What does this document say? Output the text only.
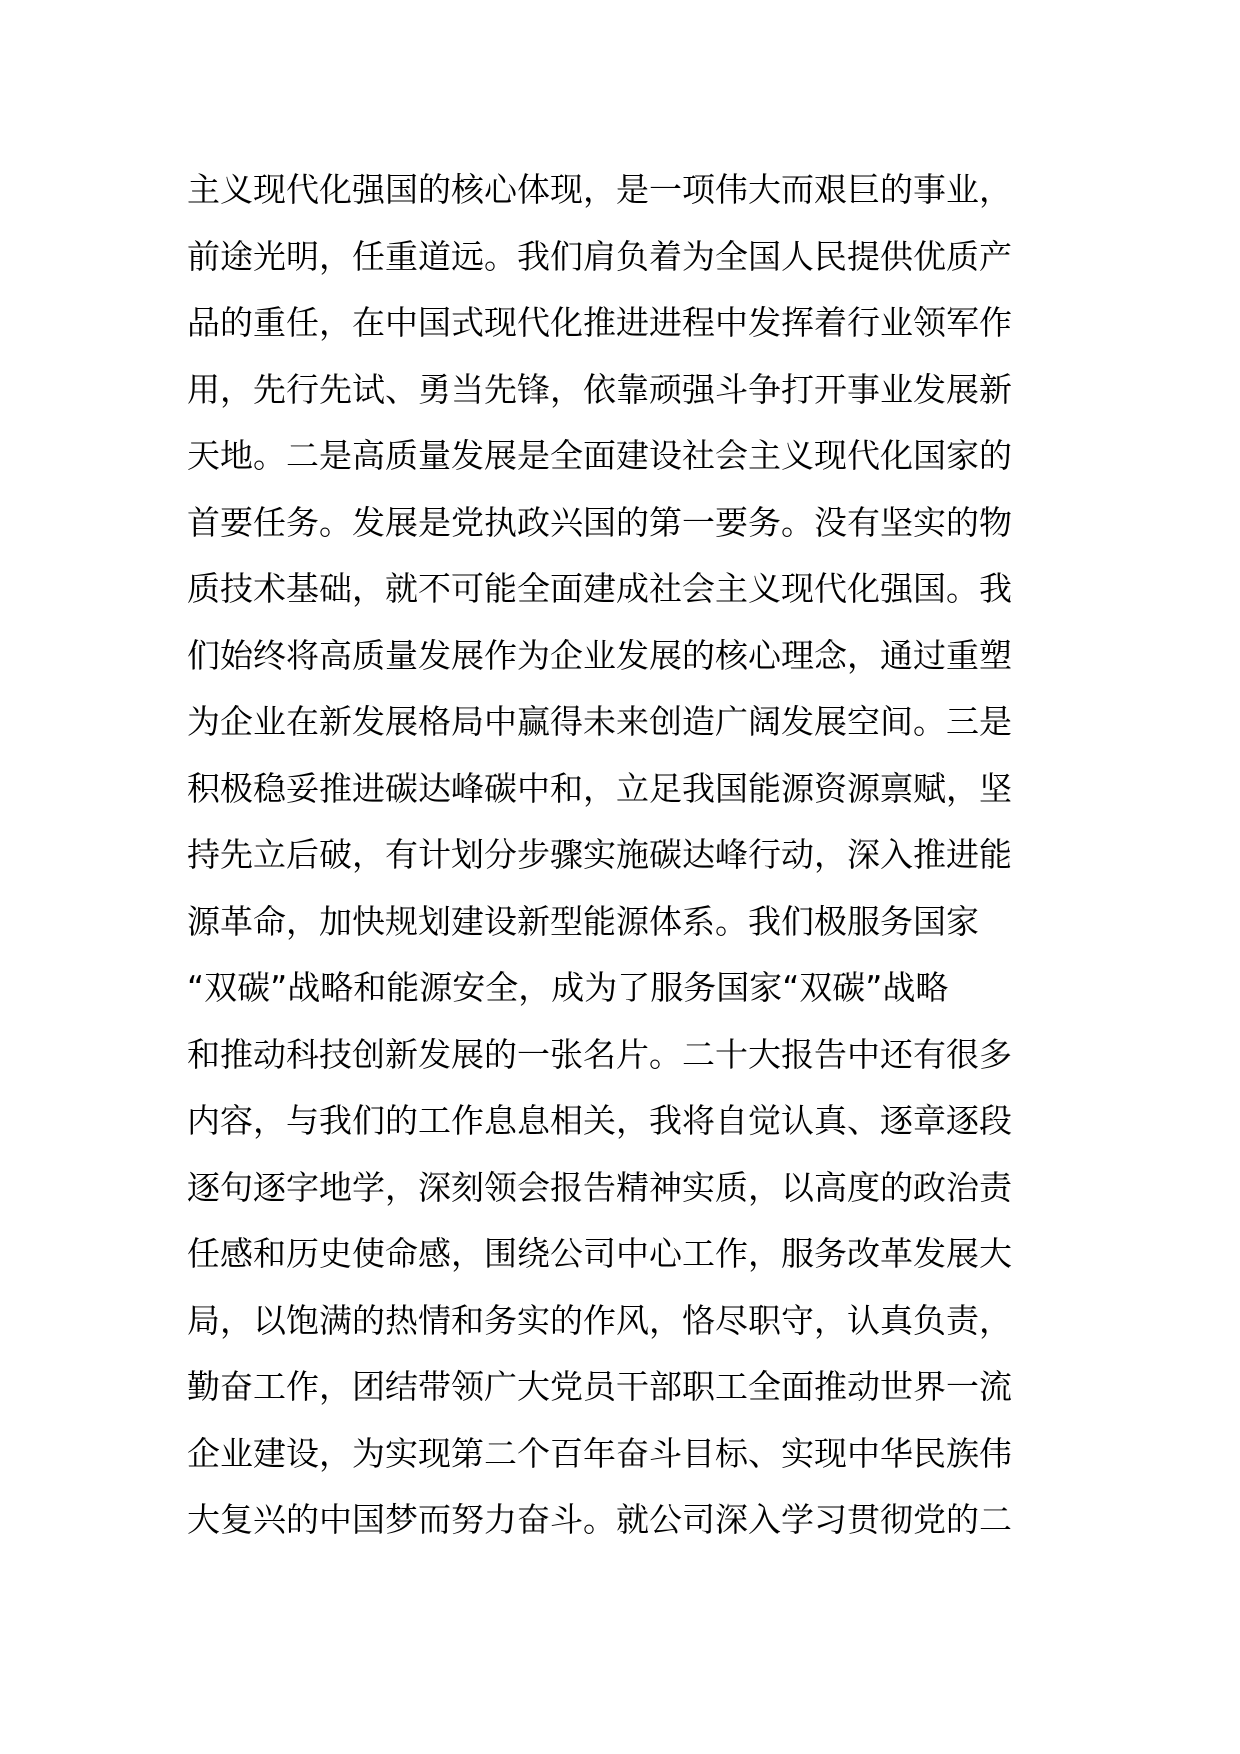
主义现代化强国的核心体现，是一项伟大而艰巨的事业，
前途光明，任重道远。我们肩负着为全国人民提供优质产
品的重任，在中国式现代化推进进程中发挥着行业领军作
用，先行先试、勇当先锋，依靠顽强斗争打开事业发展新
天地。二是高质量发展是全面建设社会主义现代化国家的
首要任务。发展是党执政兴国的第一要务。没有坚实的物
质技术基础，就不可能全面建成社会主义现代化强国。我
们始终将高质量发展作为企业发展的核心理念，通过重塑
为企业在新发展格局中赢得未来创造广阔发展空间。三是
积极稳妥推进碳达峰碳中和，立足我国能源资源禀赋，坚
持先立后破，有计划分步骤实施碳达峰行动，深入推进能
源革命，加快规划建设新型能源体系。我们极服务国家
“双碳”战略和能源安全，成为了服务国家“双碳”战略
和推动科技创新发展的一张名片。二十大报告中还有很多
内容，与我们的工作息息相关，我将自觉认真、逐章逐段
逐句逐字地学，深刻领会报告精神实质，以高度的政治责
任感和历史使命感，围绕公司中心工作，服务改革发展大
局，以饱满的热情和务实的作风，恪尽职守，认真负责，
勤奋工作，团结带领广大党员干部职工全面推动世界一流
企业建设，为实现第二个百年奋斗目标、实现中华民族伟
大复兴的中国梦而努力奋斗。就公司深入学习贯彻党的二
